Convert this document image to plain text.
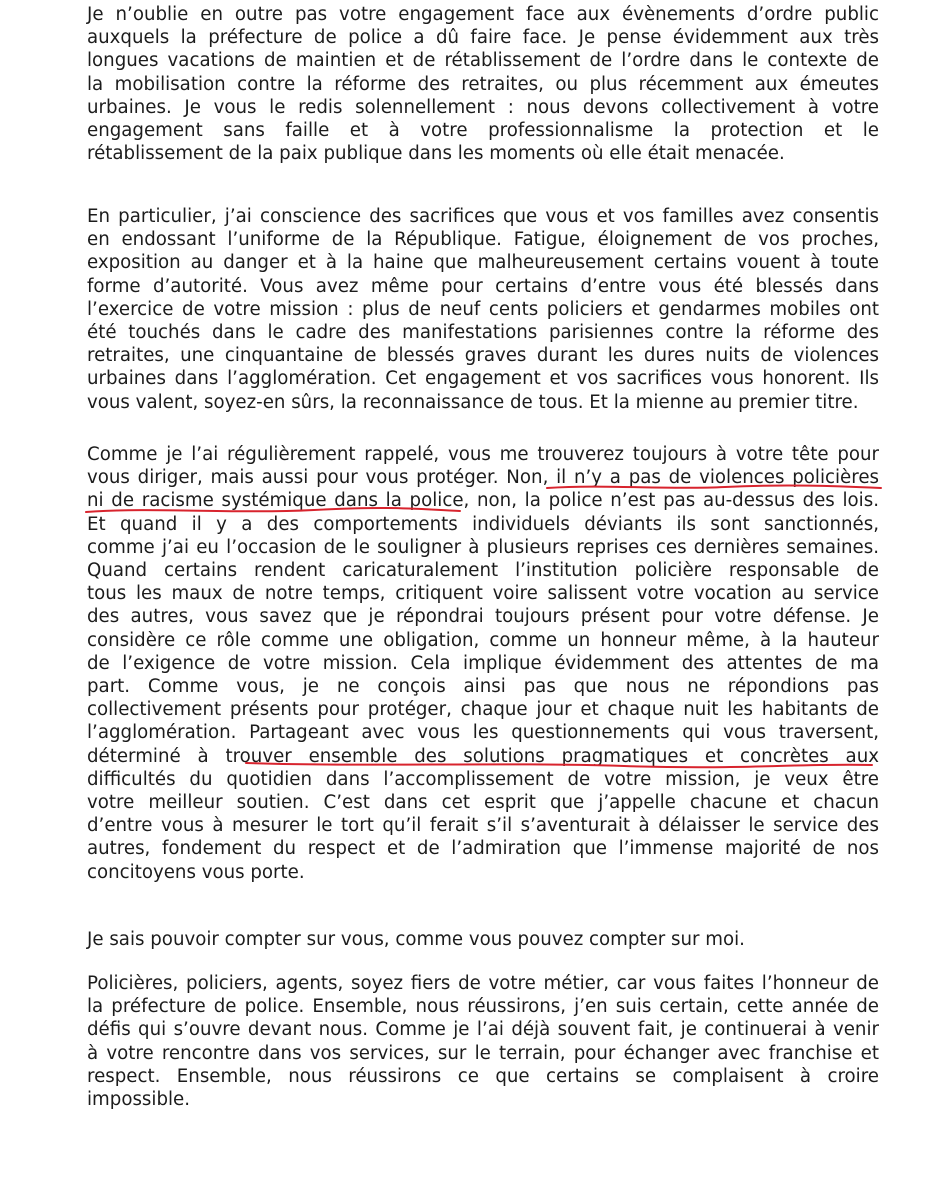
Je n’oublie en outre pas votre engagement face aux évènements d’ordre public
auxquels la préfecture de police a dû faire face. Je pense évidemment aux très
longues vacations de maintien et de rétablissement de l’ordre dans le contexte de
la mobilisation contre la réforme des retraites, ou plus récemment aux émeutes
urbaines. Je vous le redis solennellement : nous devons collectivement à votre
engagement sans faille et à votre professionnalisme la protection et le
rétablissement de la paix publique dans les moments où elle était menacée.
En particulier, j’ai conscience des sacrifices que vous et vos familles avez consentis
en endossant l’uniforme de la République. Fatigue, éloignement de vos proches,
exposition au danger et à la haine que malheureusement certains vouent à toute
forme d’autorité. Vous avez même pour certains d’entre vous été blessés dans
l’exercice de votre mission : plus de neuf cents policiers et gendarmes mobiles ont
été touchés dans le cadre des manifestations parisiennes contre la réforme des
retraites, une cinquantaine de blessés graves durant les dures nuits de violences
urbaines dans l’agglomération. Cet engagement et vos sacrifices vous honorent. Ils
vous valent, soyez-en sûrs, la reconnaissance de tous. Et la mienne au premier titre.
Comme je l’ai régulièrement rappelé, vous me trouverez toujours à votre tête pour
vous diriger, mais aussi pour vous protéger. Non, il n’y a pas de violences policières
ni de racisme systémique dans la police, non, la police n’est pas au-dessus des lois.
Et quand il y a des comportements individuels déviants ils sont sanctionnés,
comme j’ai eu l’occasion de le souligner à plusieurs reprises ces dernières semaines.
Quand certains rendent caricaturalement l’institution policière responsable de
tous les maux de notre temps, critiquent voire salissent votre vocation au service
des autres, vous savez que je répondrai toujours présent pour votre défense. Je
considère ce rôle comme une obligation, comme un honneur même, à la hauteur
de l’exigence de votre mission. Cela implique évidemment des attentes de ma
part. Comme vous, je ne conçois ainsi pas que nous ne répondions pas
collectivement présents pour protéger, chaque jour et chaque nuit les habitants de
l’agglomération. Partageant avec vous les questionnements qui vous traversent,
déterminé à trouver ensemble des solutions pragmatiques et concrètes aux
difficultés du quotidien dans l’accomplissement de votre mission, je veux être
votre meilleur soutien. C’est dans cet esprit que j’appelle chacune et chacun
d’entre vous à mesurer le tort qu’il ferait s’il s’aventurait à délaisser le service des
autres, fondement du respect et de l’admiration que l’immense majorité de nos
concitoyens vous porte.
Je sais pouvoir compter sur vous, comme vous pouvez compter sur moi.
Policières, policiers, agents, soyez fiers de votre métier, car vous faites l’honneur de
la préfecture de police. Ensemble, nous réussirons, j’en suis certain, cette année de
défis qui s’ouvre devant nous. Comme je l’ai déjà souvent fait, je continuerai à venir
à votre rencontre dans vos services, sur le terrain, pour échanger avec franchise et
respect. Ensemble, nous réussirons ce que certains se complaisent à croire
impossible.
